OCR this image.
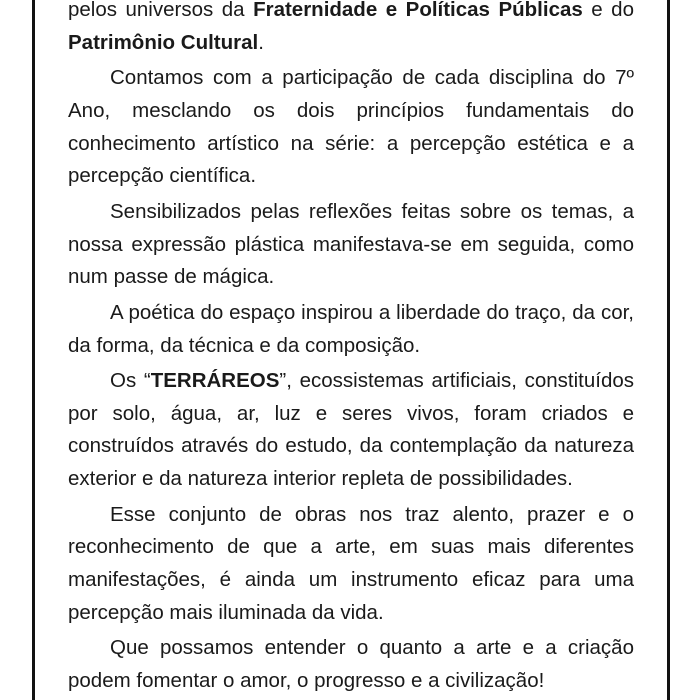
pelos universos da Fraternidade e Políticas Públicas e do Patrimônio Cultural.

Contamos com a participação de cada disciplina do 7º Ano, mesclando os dois princípios fundamentais do conhecimento artístico na série: a percepção estética e a percepção científica.

Sensibilizados pelas reflexões feitas sobre os temas, a nossa expressão plástica manifestava-se em seguida, como num passe de mágica.

A poética do espaço inspirou a liberdade do traço, da cor, da forma, da técnica e da composição.

Os “TERRÁREOS”, ecossistemas artificiais, constituídos por solo, água, ar, luz e seres vivos, foram criados e construídos através do estudo, da contemplação da natureza exterior e da natureza interior repleta de possibilidades.

Esse conjunto de obras nos traz alento, prazer e o reconhecimento de que a arte, em suas mais diferentes manifestações, é ainda um instrumento eficaz para uma percepção mais iluminada da vida.

Que possamos entender o quanto a arte e a criação podem fomentar o amor, o progresso e a civilização!
